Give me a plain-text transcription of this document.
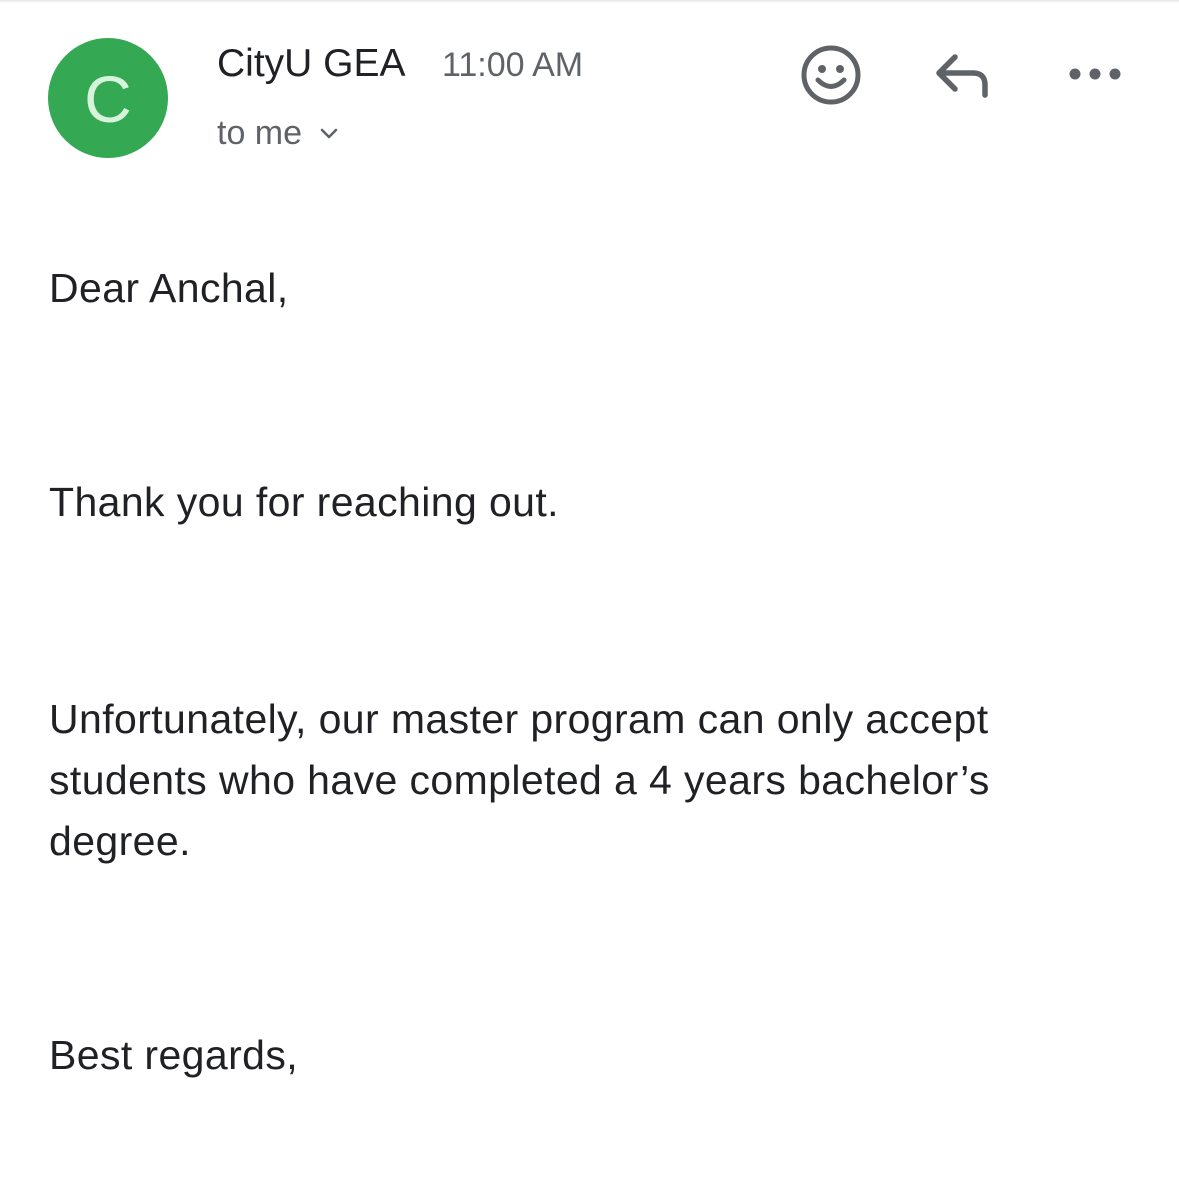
C CityU GEA 11:00 AM
to me

Dear Anchal,

Thank you for reaching out.

Unfortunately, our master program can only accept students who have completed a 4 years bachelor’s degree.

Best regards,
